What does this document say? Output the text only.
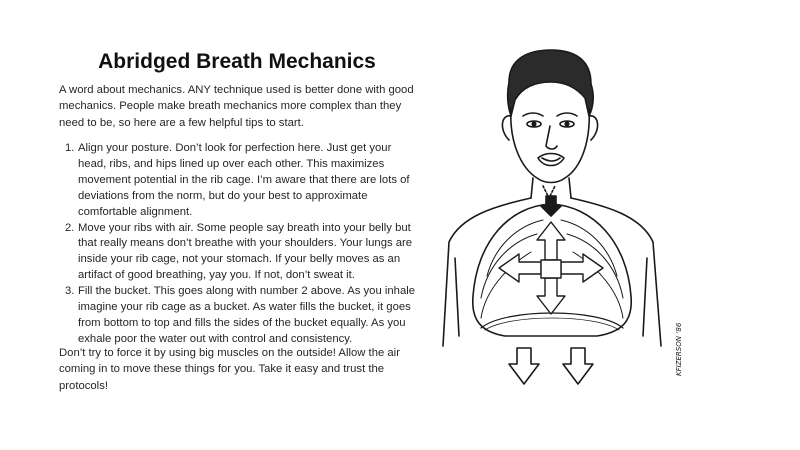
Abridged Breath Mechanics

A word about mechanics. ANY technique used is better done with good mechanics. People make breath mechanics more complex than they need to be, so here are a few helpful tips to start.

1. Align your posture. Don’t look for perfection here. Just get your head, ribs, and hips lined up over each other. This maximizes movement potential in the rib cage. I’m aware that there are lots of deviations from the norm, but do your best to approximate comfortable alignment.
2. Move your ribs with air. Some people say breath into your belly but that really means don’t breathe with your shoulders. Your lungs are inside your rib cage, not your stomach. If your belly moves as an artifact of good breathing, yay you. If not, don’t sweat it.
3. Fill the bucket. This goes along with number 2 above. As you inhale imagine your rib cage as a bucket. As water fills the bucket, it goes from bottom to top and fills the sides of the bucket equally. As you exhale poor the water out with control and consistency.

Don’t try to force it by using big muscles on the outside! Allow the air coming in to move these things for you. Take it easy and trust the protocols!

KFIZERSON ’86
